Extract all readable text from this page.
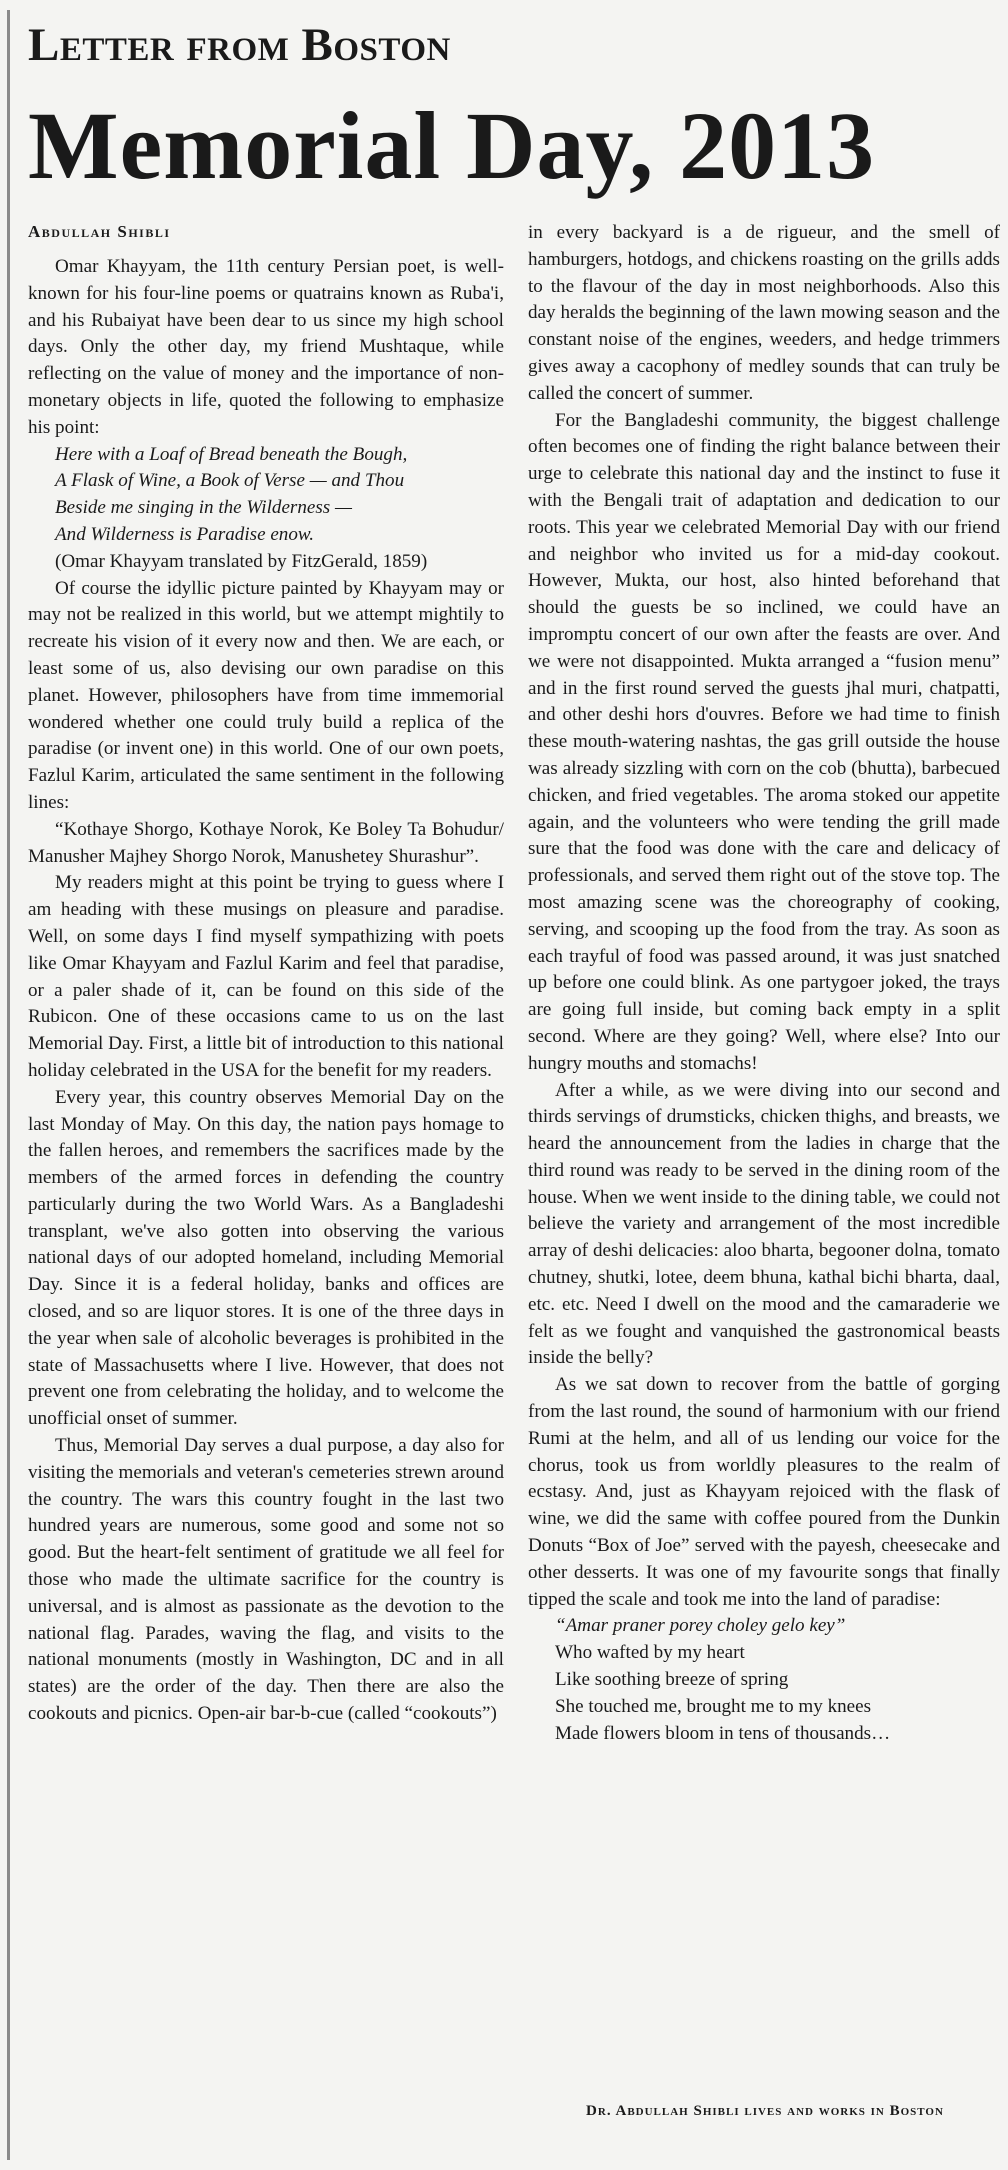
Letter from Boston
Memorial Day, 2013
Abdullah Shibli

Omar Khayyam, the 11th century Persian poet, is well-known for his four-line poems or quatrains known as Ruba'i, and his Rubaiyat have been dear to us since my high school days. Only the other day, my friend Mushtaque, while reflecting on the value of money and the importance of non-monetary objects in life, quoted the following to emphasize his point:

Here with a Loaf of Bread beneath the Bough,
A Flask of Wine, a Book of Verse — and Thou
Beside me singing in the Wilderness —
And Wilderness is Paradise enow.

(Omar Khayyam translated by FitzGerald, 1859)

Of course the idyllic picture painted by Khayyam may or may not be realized in this world, but we attempt mightily to recreate his vision of it every now and then. We are each, or least some of us, also devising our own paradise on this planet. However, philosophers have from time immemorial wondered whether one could truly build a replica of the paradise (or invent one) in this world. One of our own poets, Fazlul Karim, articulated the same sentiment in the following lines:

“Kothaye Shorgo, Kothaye Norok, Ke Boley Ta Bohudur/ Manusher Majhey Shorgo Norok, Manushetey Shurashur”.

My readers might at this point be trying to guess where I am heading with these musings on pleasure and paradise. Well, on some days I find myself sympathizing with poets like Omar Khayyam and Fazlul Karim and feel that paradise, or a paler shade of it, can be found on this side of the Rubicon. One of these occasions came to us on the last Memorial Day. First, a little bit of introduction to this national holiday celebrated in the USA for the benefit for my readers.

Every year, this country observes Memorial Day on the last Monday of May. On this day, the nation pays homage to the fallen heroes, and remembers the sacrifices made by the members of the armed forces in defending the country particularly during the two World Wars. As a Bangladeshi transplant, we've also gotten into observing the various national days of our adopted homeland, including Memorial Day. Since it is a federal holiday, banks and offices are closed, and so are liquor stores. It is one of the three days in the year when sale of alcoholic beverages is prohibited in the state of Massachusetts where I live. However, that does not prevent one from celebrating the holiday, and to welcome the unofficial onset of summer.

Thus, Memorial Day serves a dual purpose, a day also for visiting the memorials and veteran's cemeteries strewn around the country. The wars this country fought in the last two hundred years are numerous, some good and some not so good. But the heart-felt sentiment of gratitude we all feel for those who made the ultimate sacrifice for the country is universal, and is almost as passionate as the devotion to the national flag. Parades, waving the flag, and visits to the national monuments (mostly in Washington, DC and in all states) are the order of the day. Then there are also the cookouts and picnics. Open-air bar-b-cue (called “cookouts”)

in every backyard is a de rigueur, and the smell of hamburgers, hotdogs, and chickens roasting on the grills adds to the flavour of the day in most neighborhoods. Also this day heralds the beginning of the lawn mowing season and the constant noise of the engines, weeders, and hedge trimmers gives away a cacophony of medley sounds that can truly be called the concert of summer.

For the Bangladeshi community, the biggest challenge often becomes one of finding the right balance between their urge to celebrate this national day and the instinct to fuse it with the Bengali trait of adaptation and dedication to our roots. This year we celebrated Memorial Day with our friend and neighbor who invited us for a mid-day cookout. However, Mukta, our host, also hinted beforehand that should the guests be so inclined, we could have an impromptu concert of our own after the feasts are over. And we were not disappointed. Mukta arranged a “fusion menu” and in the first round served the guests jhal muri, chatpatti, and other deshi hors d'ouvres. Before we had time to finish these mouth-watering nashtas, the gas grill outside the house was already sizzling with corn on the cob (bhutta), barbecued chicken, and fried vegetables. The aroma stoked our appetite again, and the volunteers who were tending the grill made sure that the food was done with the care and delicacy of professionals, and served them right out of the stove top. The most amazing scene was the choreography of cooking, serving, and scooping up the food from the tray. As soon as each trayful of food was passed around, it was just snatched up before one could blink. As one partygoer joked, the trays are going full inside, but coming back empty in a split second. Where are they going? Well, where else? Into our hungry mouths and stomachs!

After a while, as we were diving into our second and thirds servings of drumsticks, chicken thighs, and breasts, we heard the announcement from the ladies in charge that the third round was ready to be served in the dining room of the house. When we went inside to the dining table, we could not believe the variety and arrangement of the most incredible array of deshi delicacies: aloo bharta, begooner dolna, tomato chutney, shutki, lotee, deem bhuna, kathal bichi bharta, daal, etc. etc. Need I dwell on the mood and the camaraderie we felt as we fought and vanquished the gastronomical beasts inside the belly?

As we sat down to recover from the battle of gorging from the last round, the sound of harmonium with our friend Rumi at the helm, and all of us lending our voice for the chorus, took us from worldly pleasures to the realm of ecstasy. And, just as Khayyam rejoiced with the flask of wine, we did the same with coffee poured from the Dunkin Donuts “Box of Joe” served with the payesh, cheesecake and other desserts. It was one of my favourite songs that finally tipped the scale and took me into the land of paradise:

“Amar praner porey choley gelo key”
Who wafted by my heart
Like soothing breeze of spring
She touched me, brought me to my knees
Made flowers bloom in tens of thousands…
Dr. Abdullah Shibli lives and works in Boston
